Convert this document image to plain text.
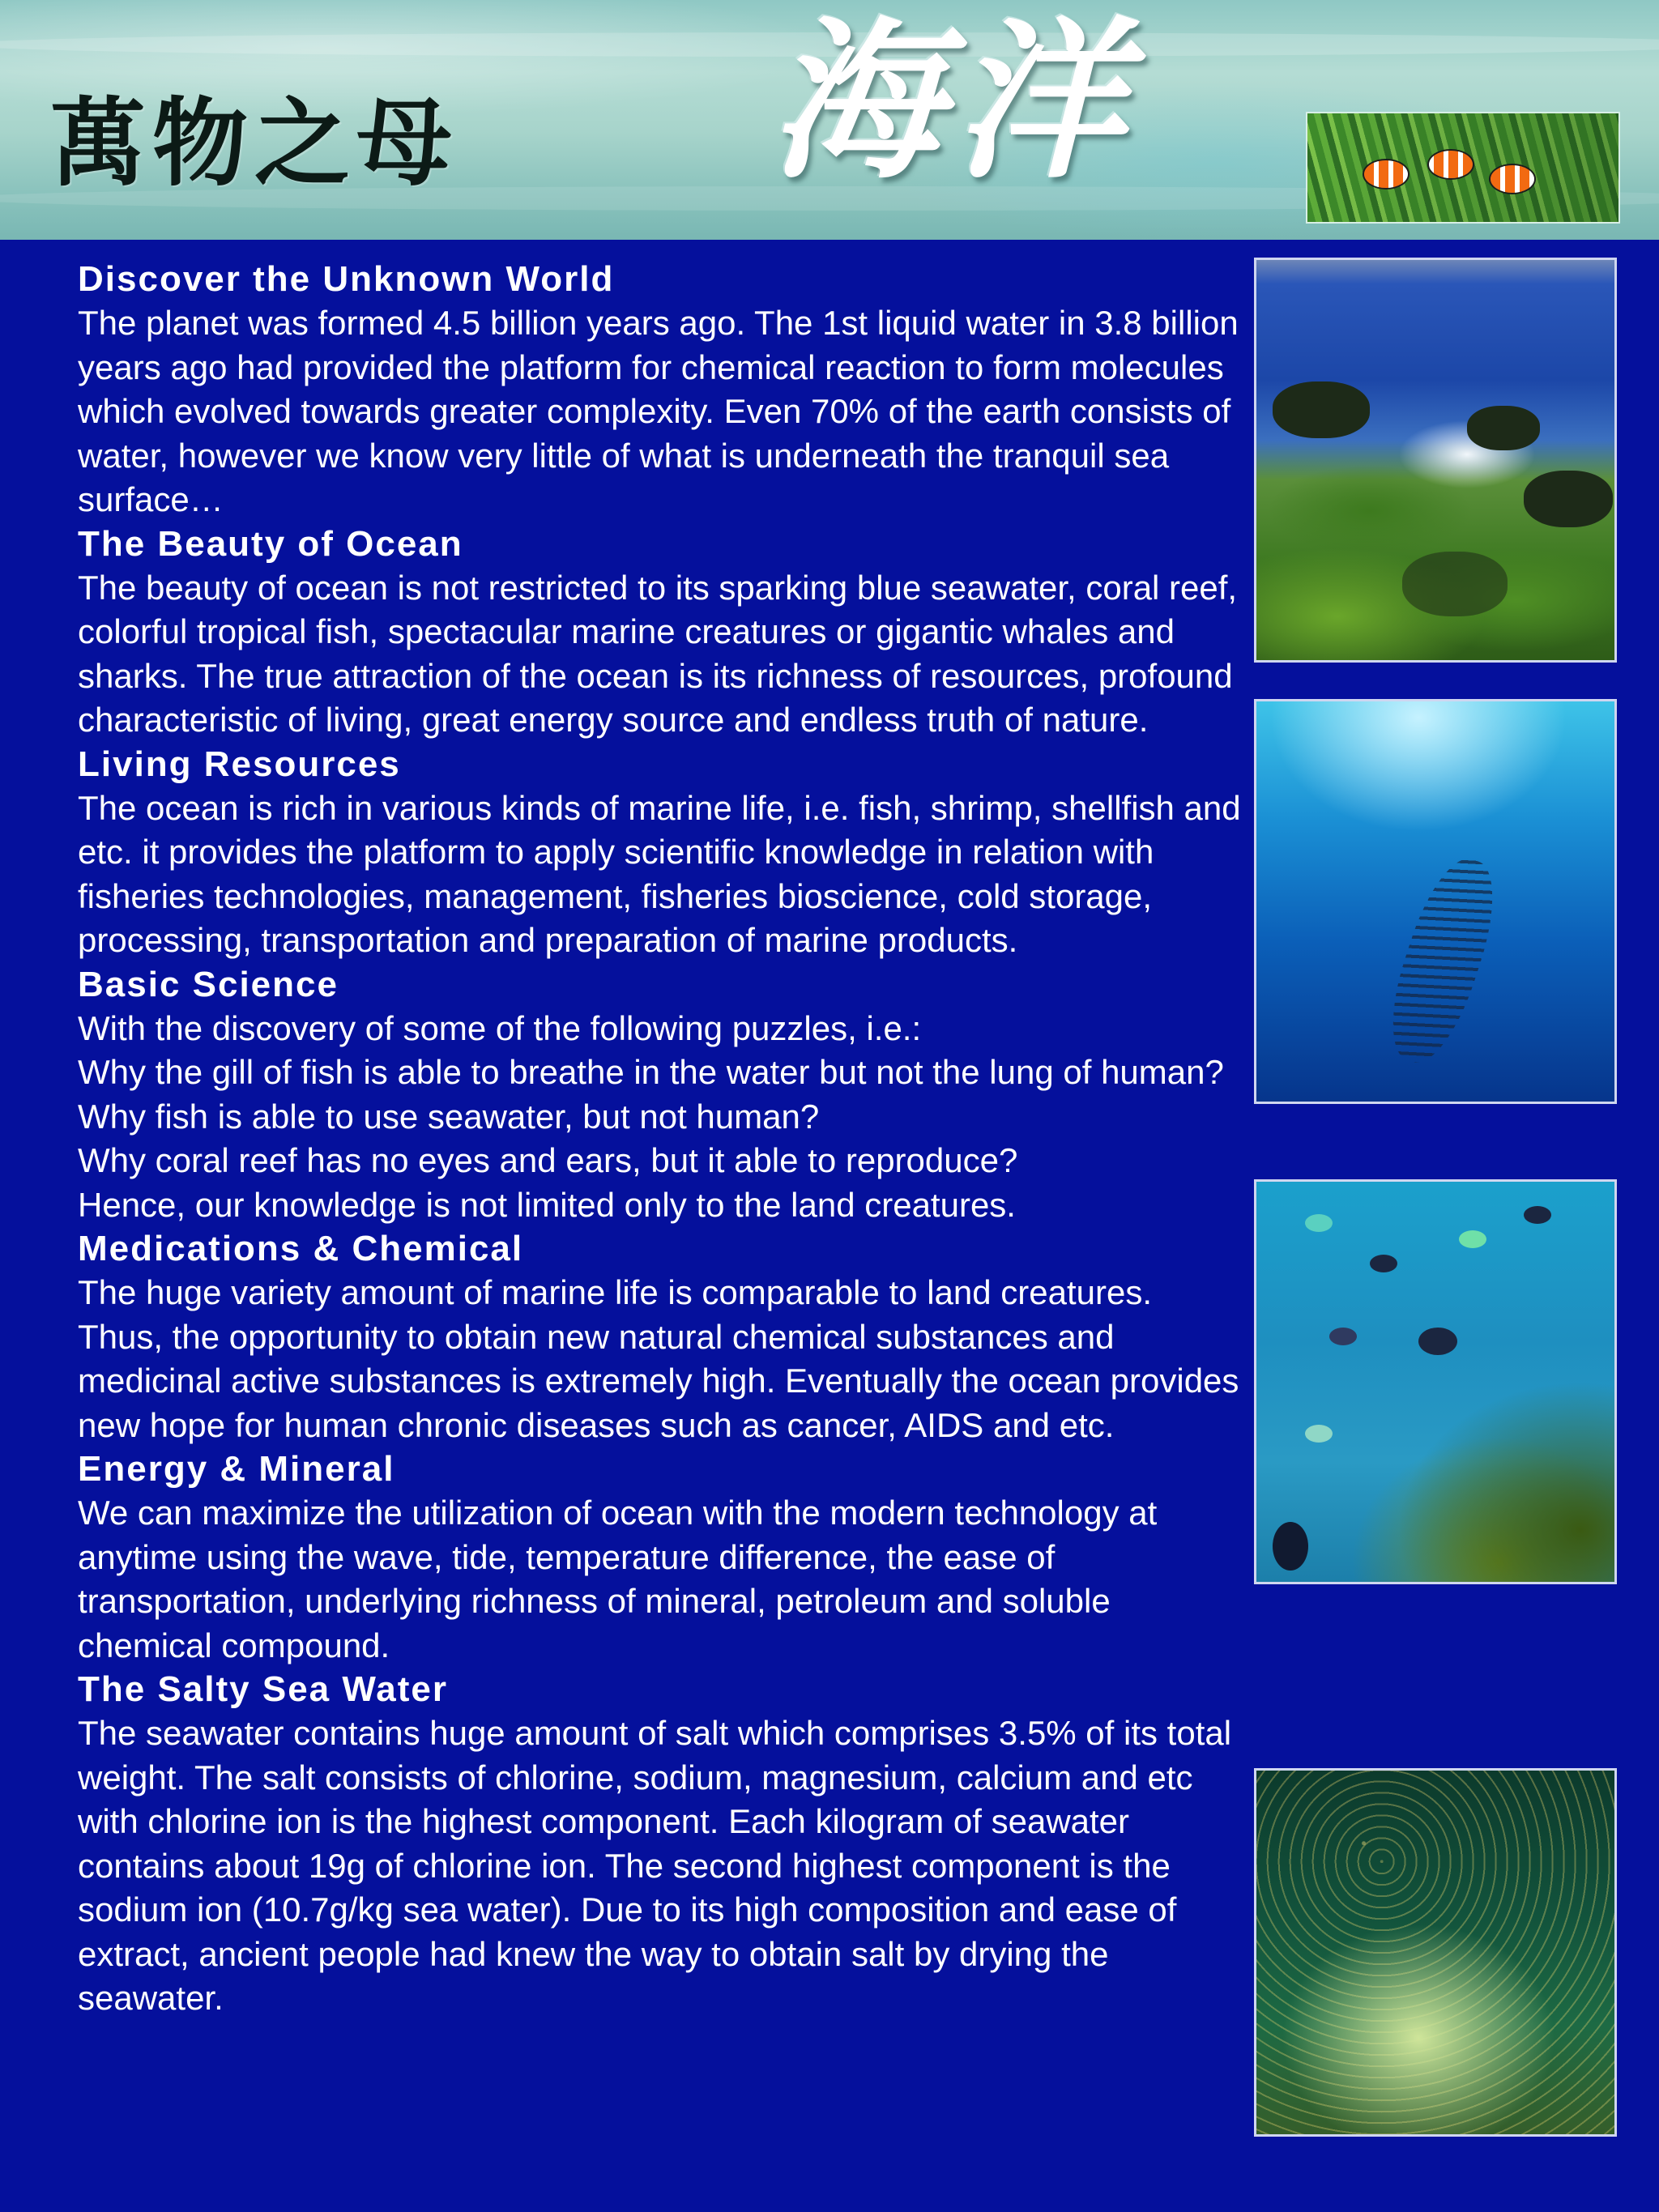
萬物之母 海洋
Discover the Unknown World
The planet was formed 4.5 billion years ago. The 1st liquid water in 3.8 billion years ago had provided the platform for chemical reaction to form molecules which evolved towards greater complexity. Even 70% of the earth consists of water, however we know very little of what is underneath the tranquil sea surface…
The Beauty of Ocean
The beauty of ocean is not restricted to its sparking blue seawater, coral reef, colorful tropical fish, spectacular marine creatures or gigantic whales and sharks. The true attraction of the ocean is its richness of resources, profound characteristic of living, great energy source and endless truth of nature.
Living Resources
The ocean is rich in various kinds of marine life, i.e. fish, shrimp, shellfish and etc. it provides the platform to apply scientific knowledge in relation with fisheries technologies, management, fisheries bioscience, cold storage, processing, transportation and preparation of marine products.
Basic Science

With the discovery of some of the following puzzles, i.e.:

Why the gill of fish is able to breathe in the water but not the lung of human?

Why fish is able to use seawater, but not human?

Why coral reef has no eyes and ears, but it able to reproduce?

Hence, our knowledge is not limited only to the land creatures.

Medications & Chemical
The huge variety amount of marine life is comparable to land creatures. Thus, the opportunity to obtain new natural chemical substances and medicinal active substances is extremely high. Eventually the ocean provides new hope for human chronic diseases such as cancer, AIDS and etc.
Energy & Mineral
We can maximize the utilization of ocean with the modern technology at anytime using the wave, tide, temperature difference, the ease of transportation, underlying richness of mineral, petroleum and soluble chemical compound.
The Salty Sea Water
The seawater contains huge amount of salt which comprises 3.5% of its total weight. The salt consists of chlorine, sodium, magnesium, calcium and etc with chlorine ion is the highest component. Each kilogram of seawater contains about 19g of chlorine ion. The second highest component is the sodium ion (10.7g/kg sea water). Due to its high composition and ease of extract, ancient people had knew the way to obtain salt by drying the seawater.
